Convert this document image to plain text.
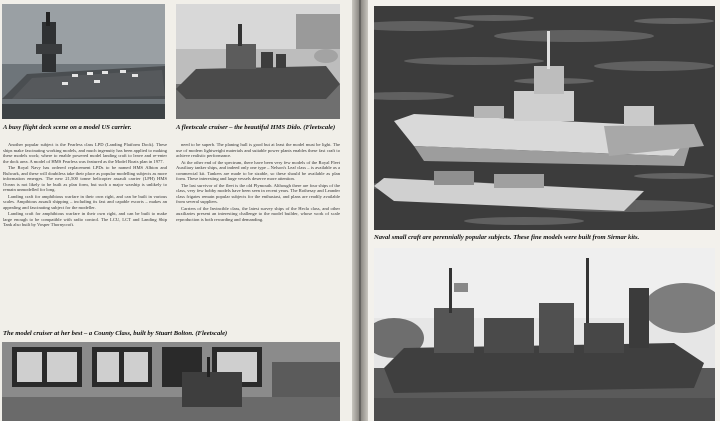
A busy flight deck scene on a model US carrier.	A fleetscale cruiser – the beautiful HMS Dido. (Fleetscale)

Another popular subject is the Fearless class LPD (Landing Platform Dock). These ships make fascinating working models, and much ingenuity has been applied to making these models work; where to enable powered model landing craft to leave and re-enter the dock area. A model of HMS Fearless was featured as the Model Boats plan in 1977.

The Royal Navy has ordered replacement LPDs to be named HMS Albion and Bulwark, and these will doubtless take their place as popular modelling subjects as more information emerges. The new 21,500 tonne helicopter assault carrier (LPH) HMS Ocean is not likely to be built as plan form, but such a major warship is unlikely to remain unmodelled for long.

Landing craft for amphibious warfare in their own right, and can be built in various scales. Ampibious assault shipping – including its fast and capable escorts – makes an appealing and fascinating subject for the modeller.

Landing craft for amphibious warfare in their own right, and can be built to make large enough to be compatible with radio control. The LCU, LCT and Landing Ship Tank also built by Vosper Thornycroft.

need to be superb. The planing hull is good but at least the model must be light. The use of modern lightweight materials and suitable power plants enables these fast craft to achieve realistic performance.

At the other end of the spectrum, there have been very few models of the Royal Fleet Auxiliary tanker ships, and indeed only one type – Nelson's Leaf class – is available as a commercial kit. Tankers are made to be sizable, so these should be available as plan form. These interesting and large vessels deserve more attention.

The last survivor of the fleet is the old Plymouth. Although there are four ships of the class, very few hobby models have been seen in recent years. The Rothesay and Leander class frigates remain popular subjects for the enthusiast, and plans are readily available from several suppliers.

Carriers of the Invincible class, the latest survey ships of the Hecla class, and other auxiliaries present an interesting challenge to the model builder, whose work of scale reproduction is both rewarding and demanding.

The model cruiser at her best – a County Class, built by Stuart Bolton. (Fleetscale)

Naval small craft are perennially popular subjects. These fine models were built from Sirmar kits.
